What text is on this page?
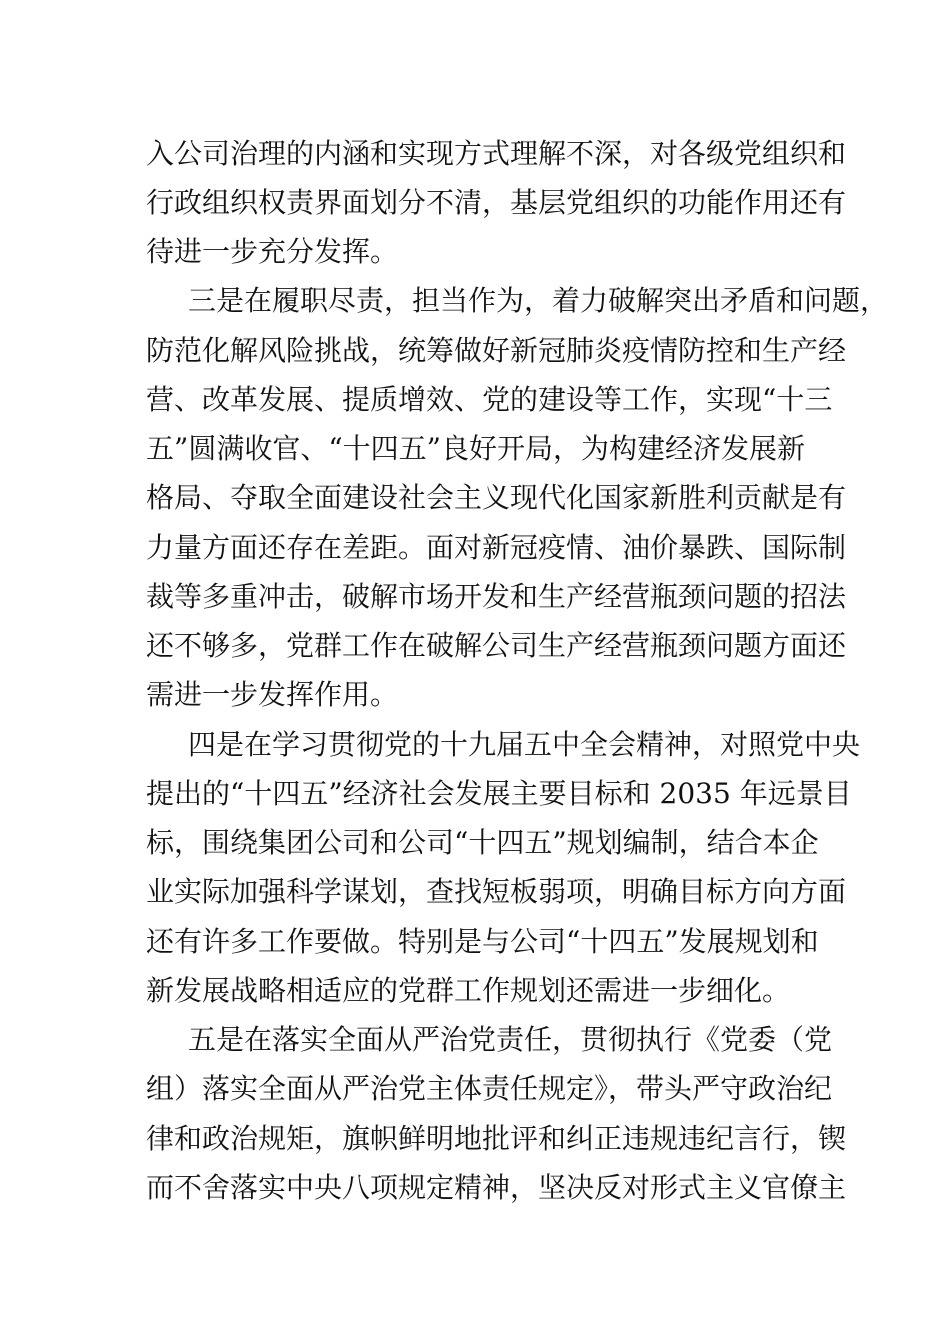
入公司治理的内涵和实现方式理解不深，对各级党组织和
行政组织权责界面划分不清，基层党组织的功能作用还有
待进一步充分发挥。
三是在履职尽责，担当作为，着力破解突出矛盾和问题，
防范化解风险挑战，统筹做好新冠肺炎疫情防控和生产经
营、改革发展、提质增效、党的建设等工作，实现“十三
五”圆满收官、“十四五”良好开局，为构建经济发展新
格局、夺取全面建设社会主义现代化国家新胜利贡献是有
力量方面还存在差距。面对新冠疫情、油价暴跌、国际制
裁等多重冲击，破解市场开发和生产经营瓶颈问题的招法
还不够多，党群工作在破解公司生产经营瓶颈问题方面还
需进一步发挥作用。
四是在学习贯彻党的十九届五中全会精神，对照党中央
提出的“十四五”经济社会发展主要目标和 2035 年远景目
标，围绕集团公司和公司“十四五”规划编制，结合本企
业实际加强科学谋划，查找短板弱项，明确目标方向方面
还有许多工作要做。特别是与公司“十四五”发展规划和
新发展战略相适应的党群工作规划还需进一步细化。
五是在落实全面从严治党责任，贯彻执行《党委（党
组）落实全面从严治党主体责任规定》，带头严守政治纪
律和政治规矩，旗帜鲜明地批评和纠正违规违纪言行，锲
而不舍落实中央八项规定精神，坚决反对形式主义官僚主
